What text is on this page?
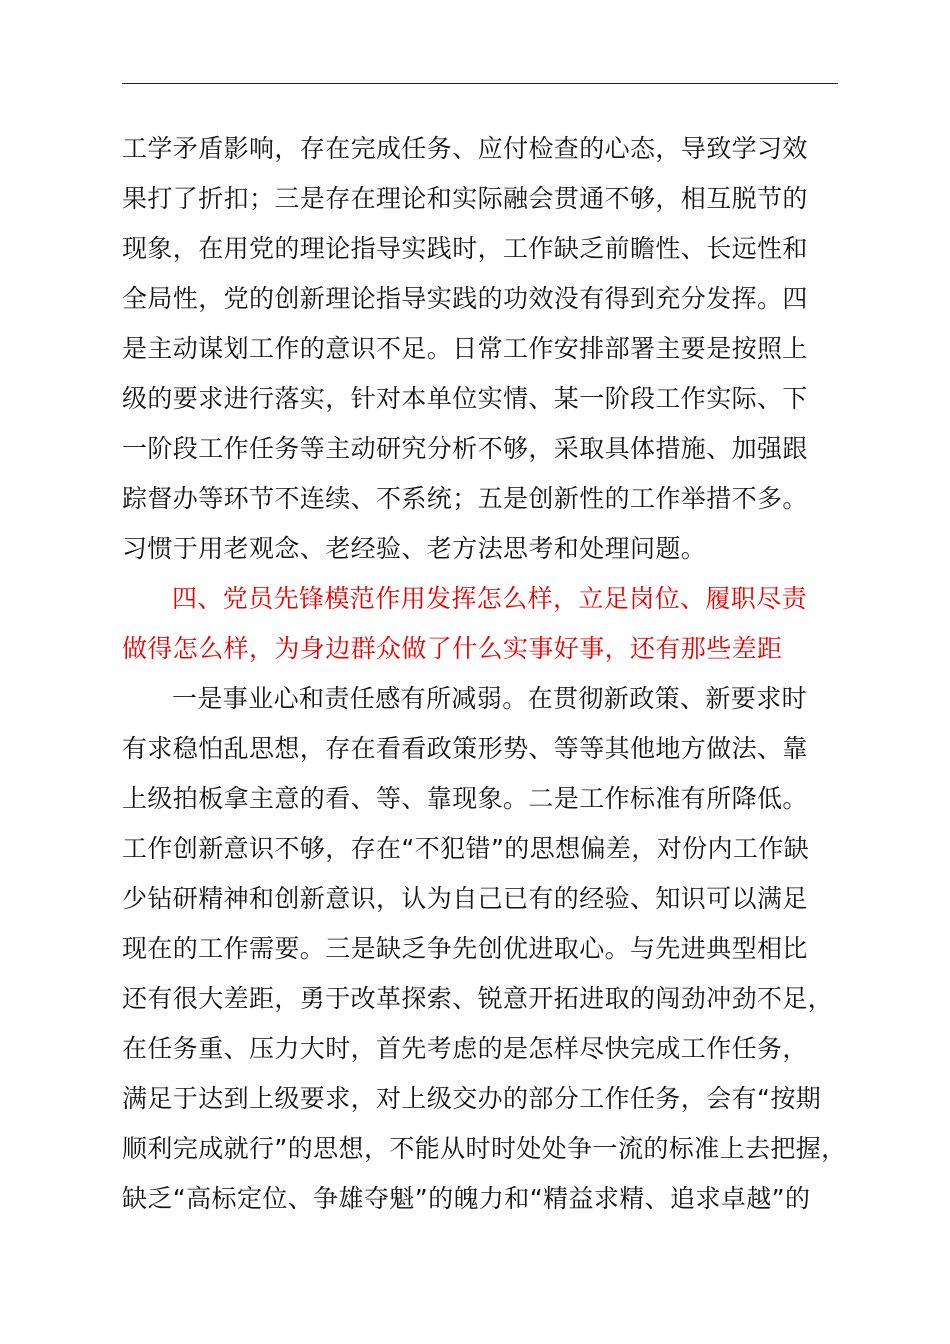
工学矛盾影响，存在完成任务、应付检查的心态，导致学习效
果打了折扣；三是存在理论和实际融会贯通不够，相互脱节的
现象，在用党的理论指导实践时，工作缺乏前瞻性、长远性和
全局性，党的创新理论指导实践的功效没有得到充分发挥。四
是主动谋划工作的意识不足。日常工作安排部署主要是按照上
级的要求进行落实，针对本单位实情、某一阶段工作实际、下
一阶段工作任务等主动研究分析不够，采取具体措施、加强跟
踪督办等环节不连续、不系统；五是创新性的工作举措不多。
习惯于用老观念、老经验、老方法思考和处理问题。
四、党员先锋模范作用发挥怎么样，立足岗位、履职尽责
做得怎么样，为身边群众做了什么实事好事，还有那些差距
一是事业心和责任感有所减弱。在贯彻新政策、新要求时
有求稳怕乱思想，存在看看政策形势、等等其他地方做法、靠
上级拍板拿主意的看、等、靠现象。二是工作标准有所降低。
工作创新意识不够，存在“不犯错”的思想偏差，对份内工作缺
少钻研精神和创新意识，认为自己已有的经验、知识可以满足
现在的工作需要。三是缺乏争先创优进取心。与先进典型相比
还有很大差距，勇于改革探索、锐意开拓进取的闯劲冲劲不足，
在任务重、压力大时，首先考虑的是怎样尽快完成工作任务，
满足于达到上级要求，对上级交办的部分工作任务，会有“按期
顺利完成就行”的思想，不能从时时处处争一流的标准上去把握，
缺乏“高标定位、争雄夺魁”的魄力和“精益求精、追求卓越”的
